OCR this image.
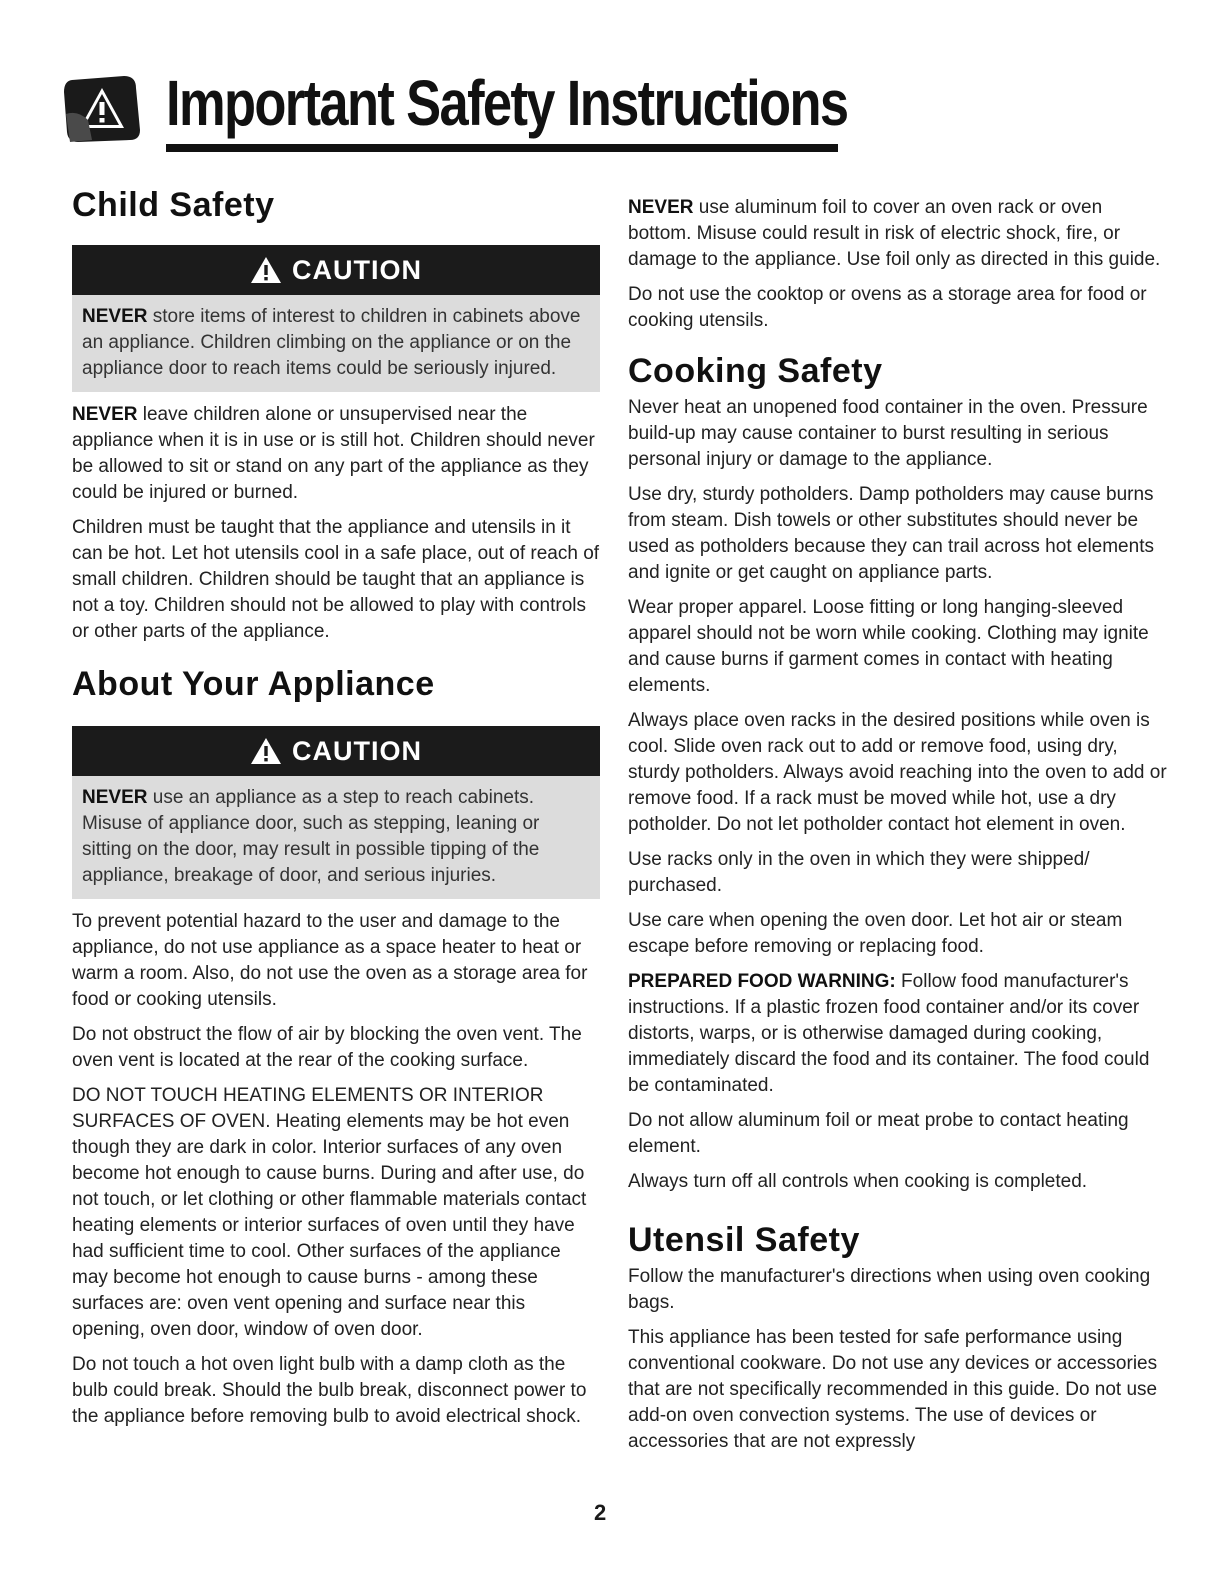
Important Safety Instructions
Child Safety
CAUTION
NEVER store items of interest to children in cabinets above an appliance. Children climbing on the appliance or on the appliance door to reach items could be seriously injured.

NEVER leave children alone or unsupervised near the appliance when it is in use or is still hot. Children should never be allowed to sit or stand on any part of the appliance as they could be injured or burned.

Children must be taught that the appliance and utensils in it can be hot. Let hot utensils cool in a safe place, out of reach of small children. Children should be taught that an appliance is not a toy. Children should not be allowed to play with controls or other parts of the appliance.

About Your Appliance
CAUTION
NEVER use an appliance as a step to reach cabinets. Misuse of appliance door, such as stepping, leaning or sitting on the door, may result in possible tipping of the appliance, breakage of door, and serious injuries.

To prevent potential hazard to the user and damage to the appliance, do not use appliance as a space heater to heat or warm a room. Also, do not use the oven as a storage area for food or cooking utensils.

Do not obstruct the flow of air by blocking the oven vent. The oven vent is located at the rear of the cooking surface.

DO NOT TOUCH HEATING ELEMENTS OR INTERIOR SURFACES OF OVEN. Heating elements may be hot even though they are dark in color. Interior surfaces of any oven become hot enough to cause burns. During and after use, do not touch, or let clothing or other flammable materials contact heating elements or interior surfaces of oven until they have had sufficient time to cool. Other surfaces of the appliance may become hot enough to cause burns - among these surfaces are: oven vent opening and surface near this opening, oven door, window of oven door.

Do not touch a hot oven light bulb with a damp cloth as the bulb could break. Should the bulb break, disconnect power to the appliance before removing bulb to avoid electrical shock.

NEVER use aluminum foil to cover an oven rack or oven bottom. Misuse could result in risk of electric shock, fire, or damage to the appliance. Use foil only as directed in this guide.

Do not use the cooktop or ovens as a storage area for food or cooking utensils.

Cooking Safety

Never heat an unopened food container in the oven. Pressure build-up may cause container to burst resulting in serious personal injury or damage to the appliance.

Use dry, sturdy potholders. Damp potholders may cause burns from steam. Dish towels or other substitutes should never be used as potholders because they can trail across hot elements and ignite or get caught on appliance parts.

Wear proper apparel. Loose fitting or long hanging-sleeved apparel should not be worn while cooking. Clothing may ignite and cause burns if garment comes in contact with heating elements.

Always place oven racks in the desired positions while oven is cool. Slide oven rack out to add or remove food, using dry, sturdy potholders. Always avoid reaching into the oven to add or remove food. If a rack must be moved while hot, use a dry potholder. Do not let potholder contact hot element in oven.

Use racks only in the oven in which they were shipped/ purchased.

Use care when opening the oven door. Let hot air or steam escape before removing or replacing food.

PREPARED FOOD WARNING: Follow food manufacturer's instructions. If a plastic frozen food container and/or its cover distorts, warps, or is otherwise damaged during cooking, immediately discard the food and its container. The food could be contaminated.

Do not allow aluminum foil or meat probe to contact heating element.

Always turn off all controls when cooking is completed.

Utensil Safety

Follow the manufacturer's directions when using oven cooking bags.

This appliance has been tested for safe performance using conventional cookware. Do not use any devices or accessories that are not specifically recommended in this guide. Do not use add-on oven convection systems. The use of devices or accessories that are not expressly

2
